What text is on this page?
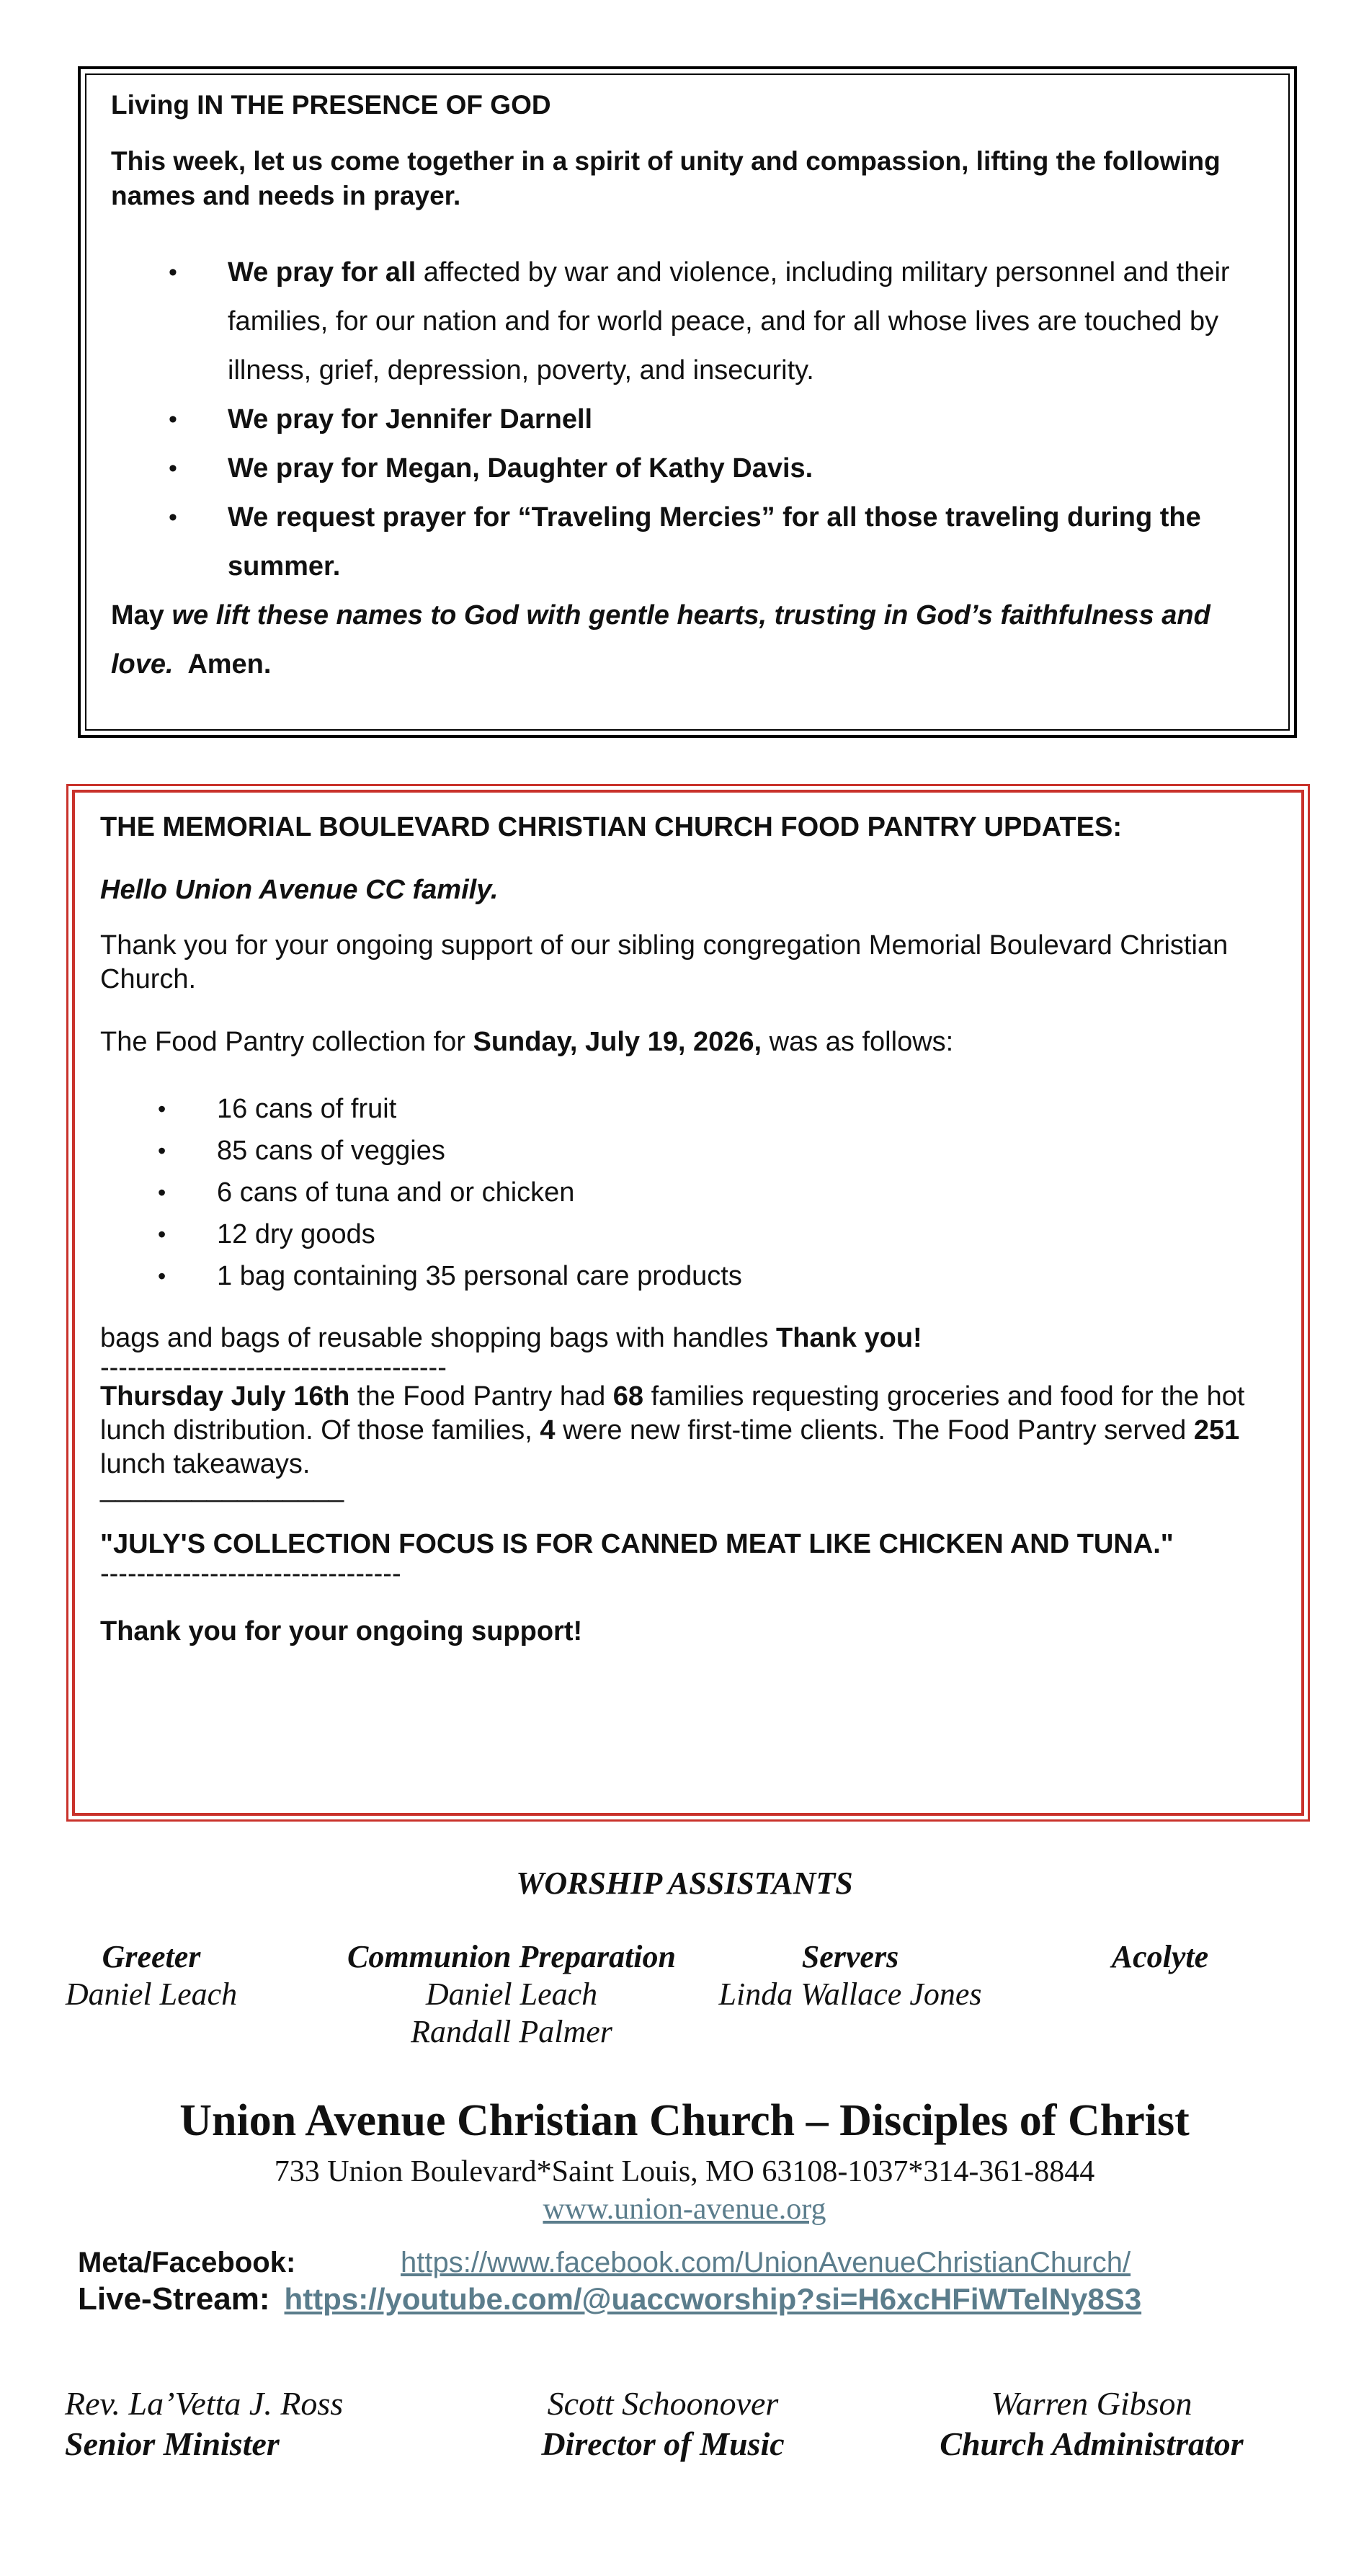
Living IN THE PRESENCE OF GOD

This week, let us come together in a spirit of unity and compassion, lifting the following names and needs in prayer.

• We pray for all affected by war and violence, including military personnel and their families, for our nation and for world peace, and for all whose lives are touched by illness, grief, depression, poverty, and insecurity.
• We pray for Jennifer Darnell
• We pray for Megan, Daughter of Kathy Davis.
• We request prayer for “Traveling Mercies” for all those traveling during the summer.

May we lift these names to God with gentle hearts, trusting in God’s faithfulness and love.  Amen.

THE MEMORIAL BOULEVARD CHRISTIAN CHURCH FOOD PANTRY UPDATES:

Hello Union Avenue CC family.

Thank you for your ongoing support of our sibling congregation Memorial Boulevard Christian Church.

The Food Pantry collection for Sunday, July 19, 2026, was as follows:

• 16 cans of fruit
• 85 cans of veggies
• 6 cans of tuna and or chicken
• 12 dry goods
• 1 bag containing 35 personal care products

bags and bags of reusable shopping bags with handles Thank you!

--------------------------------------

Thursday July 16th the Food Pantry had 68 families requesting groceries and food for the hot lunch distribution. Of those families, 4 were new first-time clients. The Food Pantry served 251 lunch takeaways.

________________

"JULY'S COLLECTION FOCUS IS FOR CANNED MEAT LIKE CHICKEN AND TUNA."

---------------------------------

Thank you for your ongoing support!

WORSHIP ASSISTANTS
Greeter
Daniel Leach
Communion Preparation
Daniel Leach
Randall Palmer
Servers
Linda Wallace Jones
Acolyte
Union Avenue Christian Church – Disciples of Christ
733 Union Boulevard*Saint Louis, MO 63108-1037*314-361-8844
www.union-avenue.org
Meta/Facebook:	https://www.facebook.com/UnionAvenueChristianChurch/
Live-Stream: https://youtube.com/@uaccworship?si=H6xcHFiWTelNy8S3
Rev. La’Vetta J. Ross
Senior Minister
Scott Schoonover
Director of Music
Warren Gibson
Church Administrator
